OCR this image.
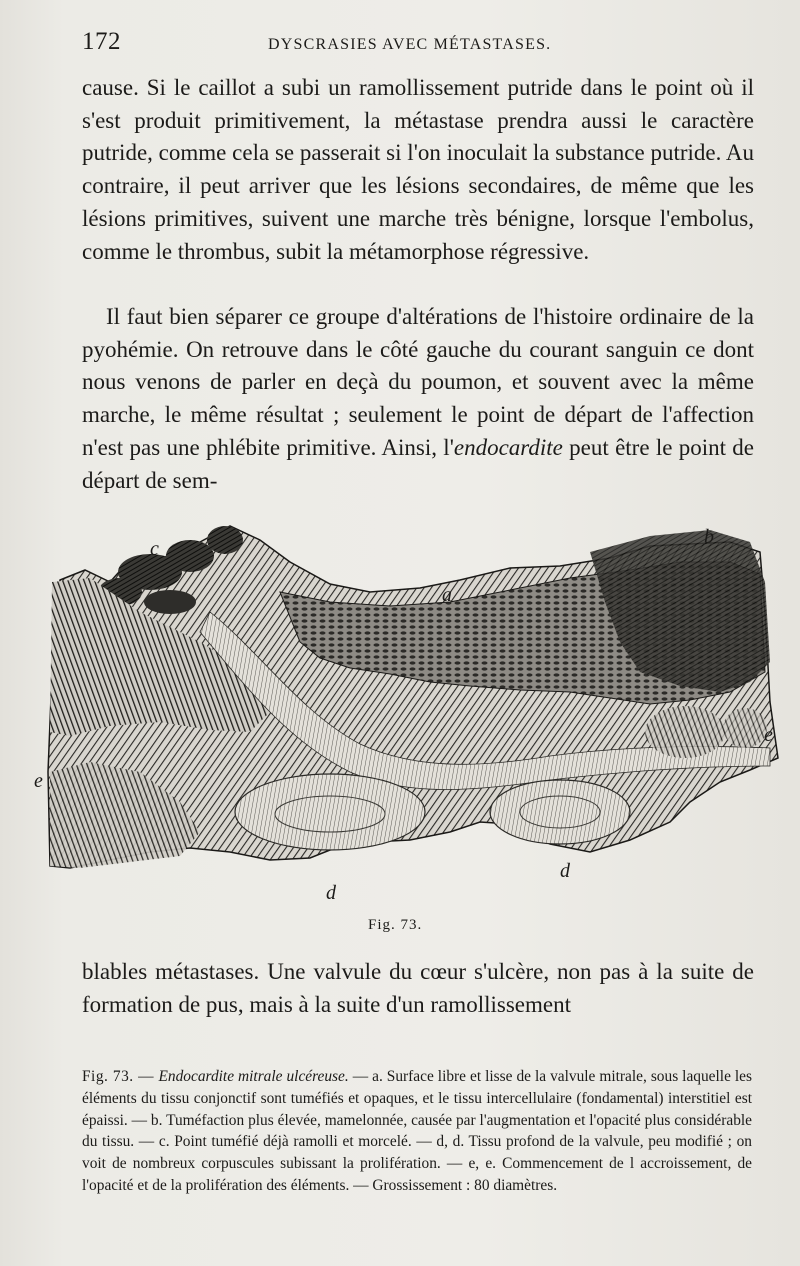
172	DYSCRASIES AVEC MÉTASTASES.

cause. Si le caillot a subi un ramollissement putride dans le point où il s'est produit primitivement, la métastase prendra aussi le caractère putride, comme cela se passerait si l'on inoculait la substance putride. Au contraire, il peut arriver que les lésions secondaires, de même que les lésions primitives, suivent une marche très bénigne, lorsque l'embolus, comme le thrombus, subit la métamorphose régressive.

Il faut bien séparer ce groupe d'altérations de l'histoire ordinaire de la pyohémie. On retrouve dans le côté gauche du courant sanguin ce dont nous venons de parler en deçà du poumon, et souvent avec la même marche, le même résultat ; seulement le point de départ de l'affection n'est pas une phlébite primitive. Ainsi, l'endocardite peut être le point de départ de sem-

c
b
a
e
e
d
d
Fig. 73.

blables métastases. Une valvule du cœur s'ulcère, non pas à la suite de formation de pus, mais à la suite d'un ramollissement

Fig. 73. — Endocardite mitrale ulcéreuse. — a. Surface libre et lisse de la valvule mitrale, sous laquelle les éléments du tissu conjonctif sont tuméfiés et opaques, et le tissu intercellulaire (fondamental) interstitiel est épaissi. — b. Tuméfaction plus élevée, mamelonnée, causée par l'augmentation et l'opacité plus considérable du tissu. — c. Point tuméfié déjà ramolli et morcelé. — d, d. Tissu profond de la valvule, peu modifié ; on voit de nombreux corpuscules subissant la prolifération. — e, e. Commencement de l accroissement, de l'opacité et de la prolifération des éléments. — Grossissement : 80 diamètres.
